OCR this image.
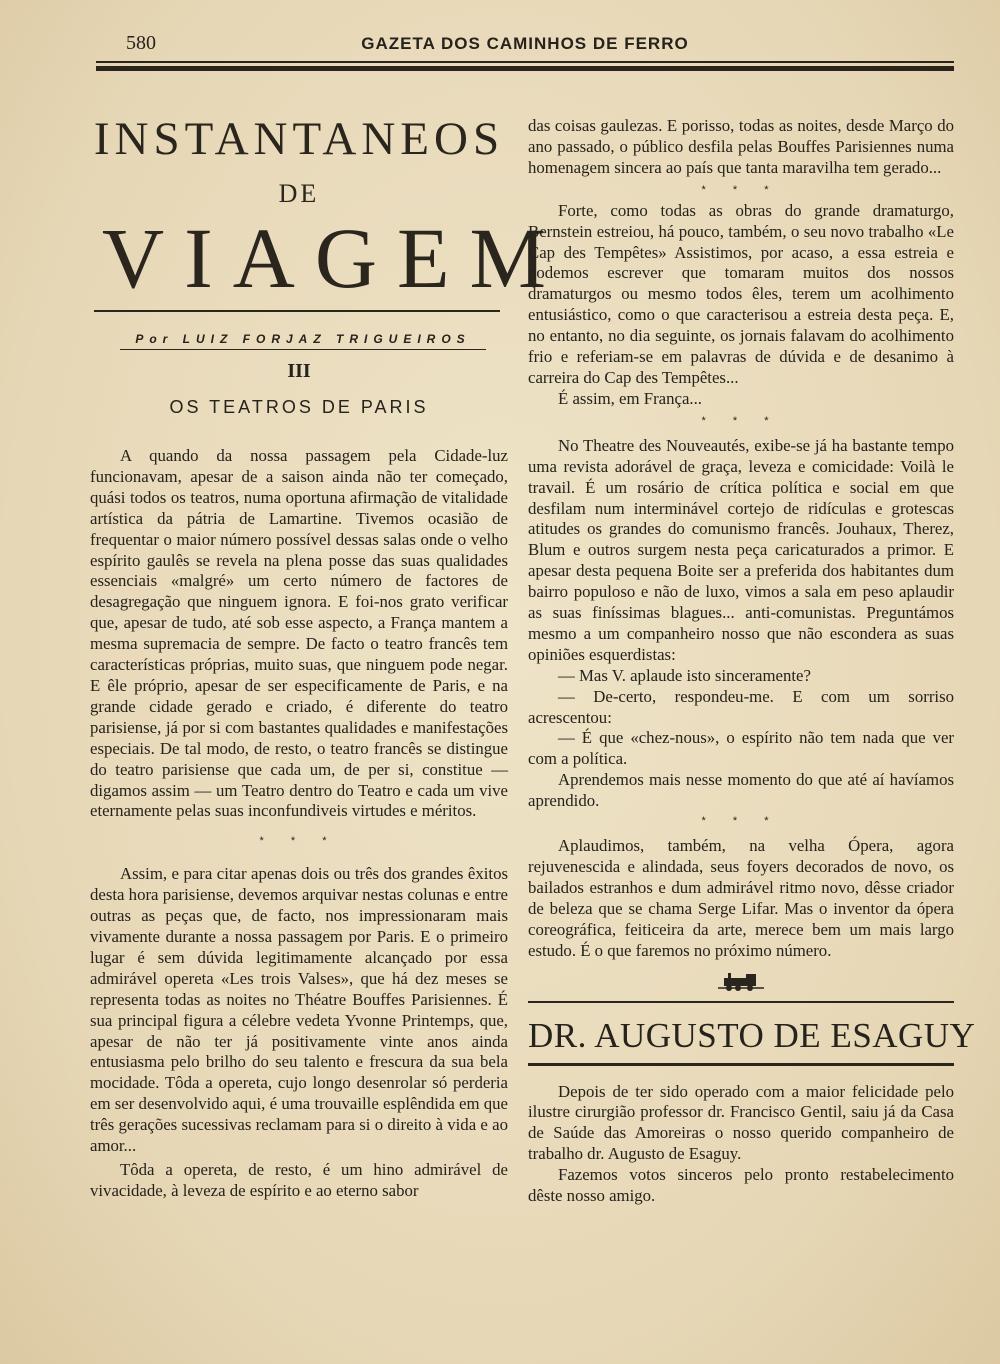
580	GAZETA DOS CAMINHOS DE FERRO
INSTANTANEOS
DE
VIAGEM
Por LUIZ FORJAZ TRIGUEIROS
III
OS TEATROS DE PARIS

A quando da nossa passagem pela Cidade-luz funcionavam, apesar de a saison ainda não ter começado, quási todos os teatros, numa oportuna afirmação de vitalidade artística da pátria de Lamartine. Tivemos ocasião de frequentar o maior número possível dessas salas onde o velho espírito gaulês se revela na plena posse das suas qualidades essenciais «malgré» um certo número de factores de desagregação que ninguem ignora. E foi-nos grato verificar que, apesar de tudo, até sob esse aspecto, a França mantem a mesma supremacia de sempre. De facto o teatro francês tem características próprias, muito suas, que ninguem pode negar. E êle próprio, apesar de ser especificamente de Paris, e na grande cidade gerado e criado, é diferente do teatro parisiense, já por si com bastantes qualidades e manifestações especiais. De tal modo, de resto, o teatro francês se distingue do teatro parisiense que cada um, de per si, constitue — digamos assim — um Teatro dentro do Teatro e cada um vive eternamente pelas suas inconfundiveis virtudes e méritos.

* * *

Assim, e para citar apenas dois ou três dos grandes êxitos desta hora parisiense, devemos arquivar nestas colunas e entre outras as peças que, de facto, nos impressionaram mais vivamente durante a nossa passagem por Paris. E o primeiro lugar é sem dúvida legitimamente alcançado por essa admirável opereta «Les trois Valses», que há dez meses se representa todas as noites no Théatre Bouffes Parisiennes. É sua principal figura a célebre vedeta Yvonne Printemps, que, apesar de não ter já positivamente vinte anos ainda entusiasma pelo brilho do seu talento e frescura da sua bela mocidade. Tôda a opereta, cujo longo desenrolar só perderia em ser desenvolvido aqui, é uma trouvaille esplêndida em que três gerações sucessivas reclamam para si o direito à vida e ao amor...

Tôda a opereta, de resto, é um hino admirável de vivacidade, à leveza de espírito e ao eterno sabor

das coisas gaulezas. E porisso, todas as noites, desde Março do ano passado, o público desfila pelas Bouffes Parisiennes numa homenagem sincera ao país que tanta maravilha tem gerado...

* * *

Forte, como todas as obras do grande dramaturgo, Bernstein estreiou, há pouco, também, o seu novo trabalho «Le Cap des Tempêtes» Assistimos, por acaso, a essa estreia e podemos escrever que tomaram muitos dos nossos dramaturgos ou mesmo todos êles, terem um acolhimento entusiástico, como o que caracterisou a estreia desta peça. E, no entanto, no dia seguinte, os jornais falavam do acolhimento frio e referiam-se em palavras de dúvida e de desanimo à carreira do Cap des Tempêtes...

É assim, em França...

* * *

No Theatre des Nouveautés, exibe-se já ha bastante tempo uma revista adorável de graça, leveza e comicidade: Voilà le travail. É um rosário de crítica política e social em que desfilam num interminável cortejo de ridículas e grotescas atitudes os grandes do comunismo francês. Jouhaux, Therez, Blum e outros surgem nesta peça caricaturados a primor. E apesar desta pequena Boite ser a preferida dos habitantes dum bairro populoso e não de luxo, vimos a sala em peso aplaudir as suas finíssimas blagues... anti-comunistas. Preguntámos mesmo a um companheiro nosso que não escondera as suas opiniões esquerdistas:

— Mas V. aplaude isto sinceramente?

— De-certo, respondeu-me. E com um sorriso acrescentou:

— É que «chez-nous», o espírito não tem nada que ver com a política.

Aprendemos mais nesse momento do que até aí havíamos aprendido.

* * *

Aplaudimos, também, na velha Ópera, agora rejuvenescida e alindada, seus foyers decorados de novo, os bailados estranhos e dum admirável ritmo novo, dêsse criador de beleza que se chama Serge Lifar. Mas o inventor da ópera coreográfica, feiticeira da arte, merece bem um mais largo estudo. É o que faremos no próximo número.

DR. AUGUSTO DE ESAGUY

Depois de ter sido operado com a maior felicidade pelo ilustre cirurgião professor dr. Francisco Gentil, saiu já da Casa de Saúde das Amoreiras o nosso querido companheiro de trabalho dr. Augusto de Esaguy.

Fazemos votos sinceros pelo pronto restabelecimento dêste nosso amigo.
